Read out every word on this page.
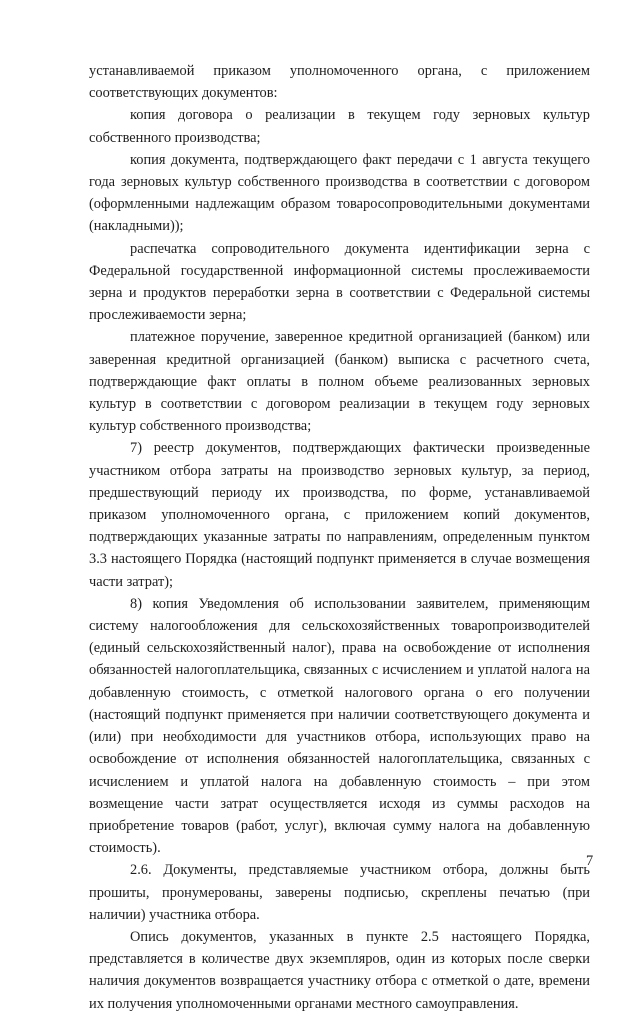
устанавливаемой приказом уполномоченного органа, с приложением соответствующих документов:

копия договора о реализации в текущем году зерновых культур собственного производства;

копия документа, подтверждающего факт передачи с 1 августа текущего года зерновых культур собственного производства в соответствии с договором (оформленными надлежащим образом товаросопроводительными документами (накладными));

распечатка сопроводительного документа идентификации зерна с Федеральной государственной информационной системы прослеживаемости зерна и продуктов переработки зерна в соответствии с Федеральной системы прослеживаемости зерна;

платежное поручение, заверенное кредитной организацией (банком) или заверенная кредитной организацией (банком) выписка с расчетного счета, подтверждающие факт оплаты в полном объеме реализованных зерновых культур в соответствии с договором реализации в текущем году зерновых культур собственного производства;

7) реестр документов, подтверждающих фактически произведенные участником отбора затраты на производство зерновых культур, за период, предшествующий периоду их производства, по форме, устанавливаемой приказом уполномоченного органа, с приложением копий документов, подтверждающих указанные затраты по направлениям, определенным пунктом 3.3 настоящего Порядка (настоящий подпункт применяется в случае возмещения части затрат);

8) копия Уведомления об использовании заявителем, применяющим систему налогообложения для сельскохозяйственных товаропроизводителей (единый сельскохозяйственный налог), права на освобождение от исполнения обязанностей налогоплательщика, связанных с исчислением и уплатой налога на добавленную стоимость, с отметкой налогового органа о его получении (настоящий подпункт применяется при наличии соответствующего документа и (или) при необходимости для участников отбора, использующих право на освобождение от исполнения обязанностей налогоплательщика, связанных с исчислением и уплатой налога на добавленную стоимость – при этом возмещение части затрат осуществляется исходя из суммы расходов на приобретение товаров (работ, услуг), включая сумму налога на добавленную стоимость).

2.6. Документы, представляемые участником отбора, должны быть прошиты, пронумерованы, заверены подписью, скреплены печатью (при наличии) участника отбора.

Опись документов, указанных в пункте 2.5 настоящего Порядка, представляется в количестве двух экземпляров, один из которых после сверки наличия документов возвращается участнику отбора с отметкой о дате, времени их получения уполномоченными органами местного самоуправления.

7
